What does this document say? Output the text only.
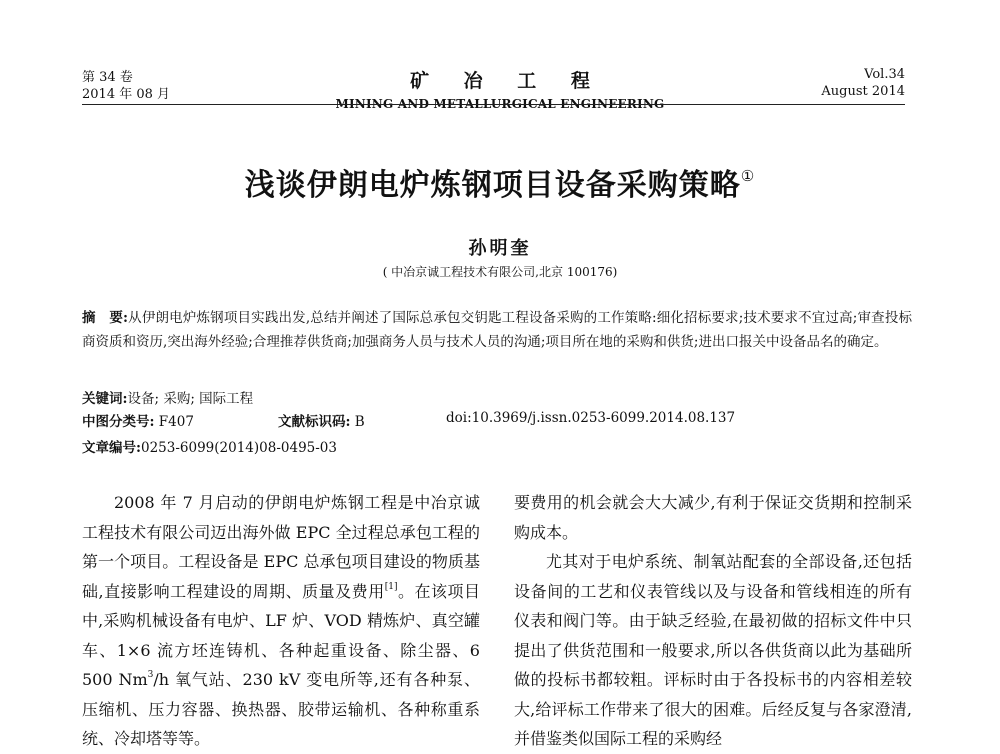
第 34 卷
2014 年 08 月
矿 冶 工 程
MINING AND METALLURGICAL ENGINEERING
Vol.34
August 2014
浅谈伊朗电炉炼钢项目设备采购策略①
孙明奎
( 中冶京诚工程技术有限公司,北京 100176)
摘　要:从伊朗电炉炼钢项目实践出发,总结并阐述了国际总承包交钥匙工程设备采购的工作策略:细化招标要求;技术要求不宜过高;审查投标商资质和资历,突出海外经验;合理推荐供货商;加强商务人员与技术人员的沟通;项目所在地的采购和供货;进出口报关中设备品名的确定。
关键词:设备; 采购; 国际工程
中图分类号: F407	文献标识码: B	doi:10.3969/j.issn.0253-6099.2014.08.137
文章编号:0253-6099(2014)08-0495-03

2008 年 7 月启动的伊朗电炉炼钢工程是中冶京诚工程技术有限公司迈出海外做 EPC 全过程总承包工程的第一个项目。工程设备是 EPC 总承包项目建设的物质基础,直接影响工程建设的周期、质量及费用[1]。在该项目中,采购机械设备有电炉、LF 炉、VOD 精炼炉、真空罐车、1×6 流方坯连铸机、各种起重设备、除尘器、6 500 Nm$^3$/h 氧气站、230 kV 变电所等,还有各种泵、压缩机、压力容器、换热器、胶带运输机、各种称重系统、冷却塔等等。

要费用的机会就会大大减少,有利于保证交货期和控制采购成本。

尤其对于电炉系统、制氧站配套的全部设备,还包括设备间的工艺和仪表管线以及与设备和管线相连的所有仪表和阀门等。由于缺乏经验,在最初做的招标文件中只提出了供货范围和一般要求,所以各供货商以此为基础所做的投标书都较粗。评标时由于各投标书的内容相差较大,给评标工作带来了很大的困难。后经反复与各家澄清,并借鉴类似国际工程的采购经
